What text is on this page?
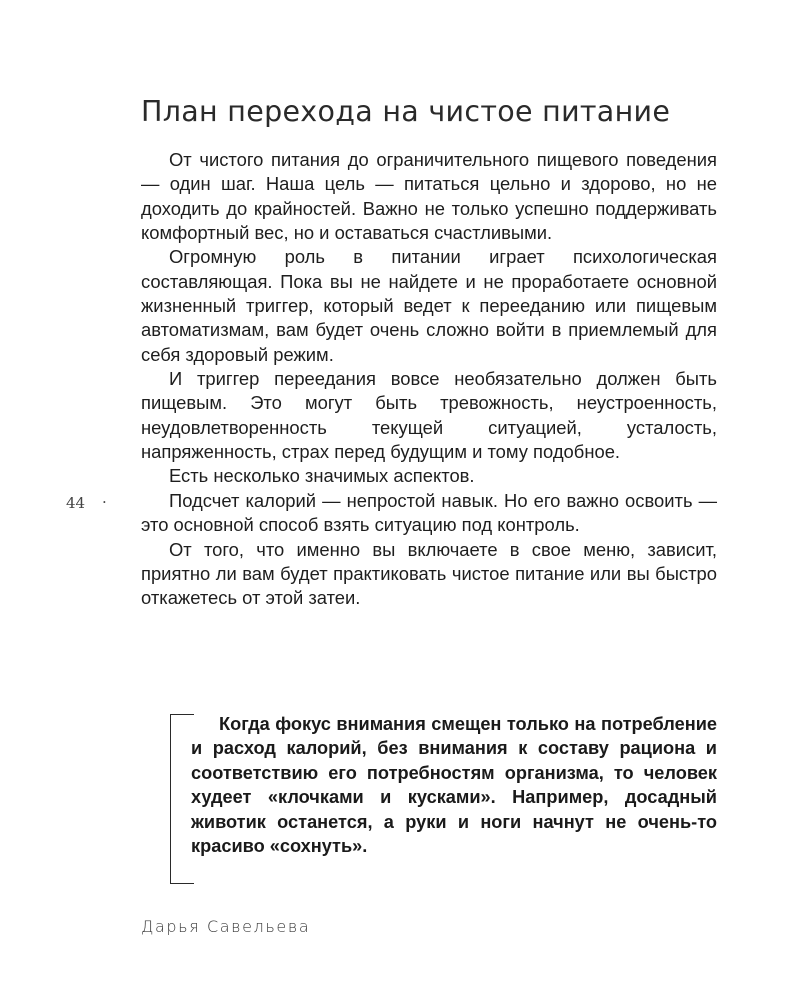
План перехода на чистое питание

От чистого питания до ограничительного пищевого поведения — один шаг. Наша цель — питаться цельно и здорово, но не доходить до крайностей. Важно не только успешно поддерживать комфортный вес, но и оставаться счастливыми.

Огромную роль в питании играет психологическая составляющая. Пока вы не найдете и не проработаете основной жизненный триггер, который ведет к перееданию или пищевым автоматизмам, вам будет очень сложно войти в приемлемый для себя здоровый режим.

И триггер переедания вовсе необязательно должен быть пищевым. Это могут быть тревожность, неустроенность, неудовлетворенность текущей ситуацией, усталость, напряженность, страх перед будущим и тому подобное.

Есть несколько значимых аспектов.

Подсчет калорий — непростой навык. Но его важно освоить — это основной способ взять ситуацию под контроль.

От того, что именно вы включаете в свое меню, зависит, приятно ли вам будет практиковать чистое питание или вы быстро откажетесь от этой затеи.

44 ·

Когда фокус внимания смещен только на потребление и расход калорий, без внимания к составу рациона и соответствию его потребностям организма, то человек худеет «клочками и кусками». Например, досадный животик останется, а руки и ноги начнут не очень-то красиво «сохнуть».

Дарья Савельева
